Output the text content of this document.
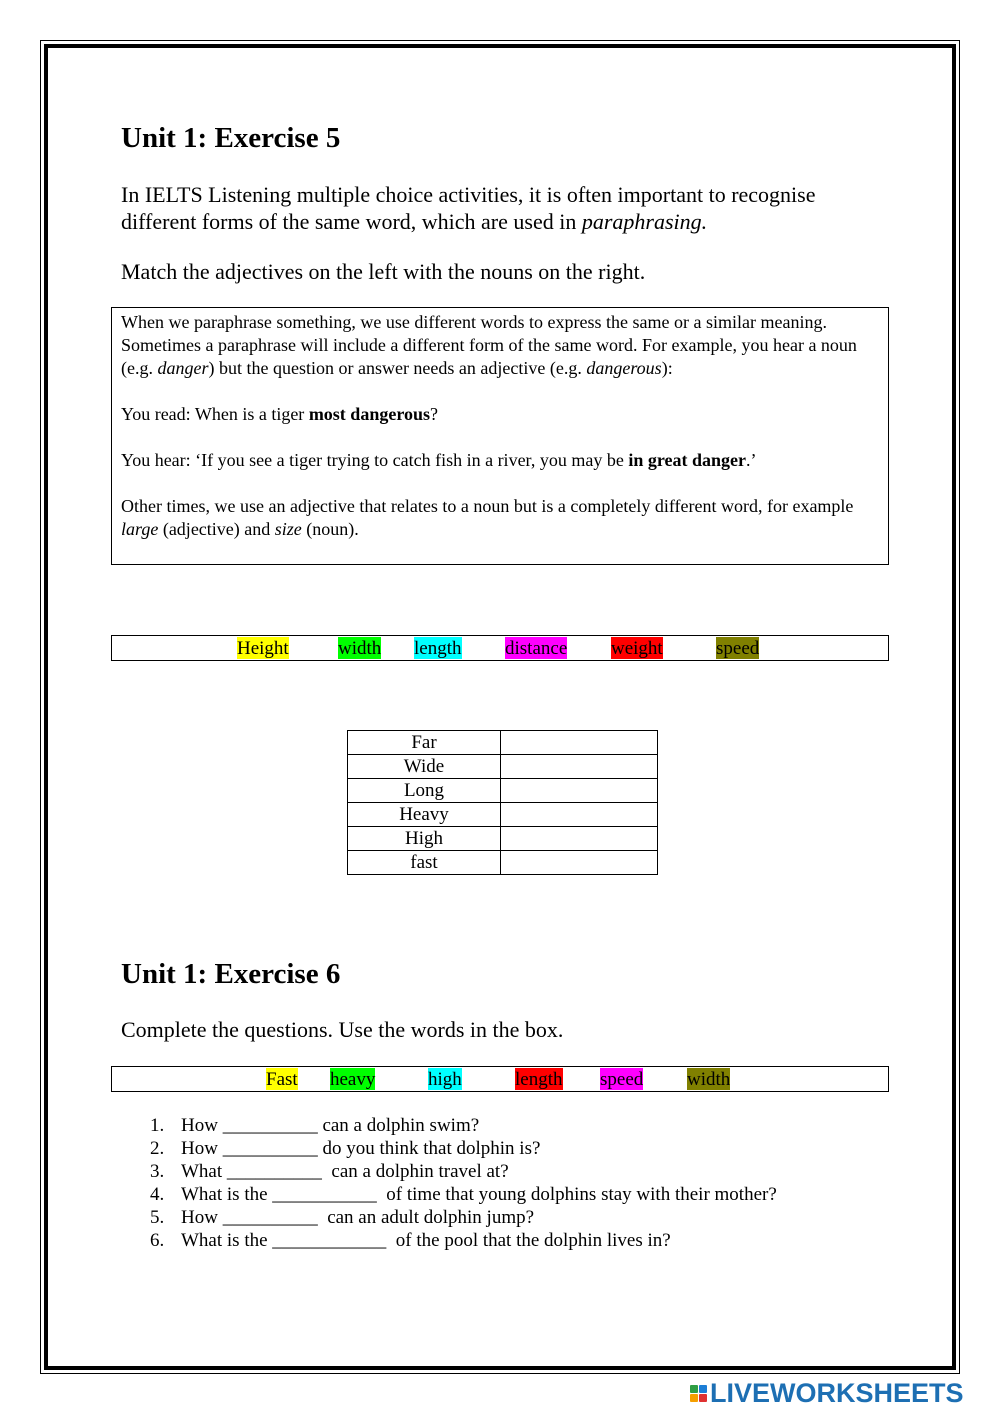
Unit 1: Exercise 5
In IELTS Listening multiple choice activities, it is often important to recognise
different forms of the same word, which are used in paraphrasing.
Match the adjectives on the left with the nouns on the right.

When we paraphrase something, we use different words to express the same or a similar meaning. Sometimes a paraphrase will include a different form of the same word. For example, you hear a noun (e.g. danger) but the question or answer needs an adjective (e.g. dangerous):

You read: When is a tiger most dangerous?

You hear: ‘If you see a tiger trying to catch fish in a river, you may be in great danger.’

Other times, we use an adjective that relates to a noun but is a completely different word, for example large (adjective) and size (noun).

Height	width length distance weight	speed
Far	
Wide	
Long	
Heavy	
High	
fast	
Unit 1: Exercise 6
Complete the questions. Use the words in the box.
Fast heavy	high	length speed width
1. How __________ can a dolphin swim?
2. How __________ do you think that dolphin is?
3. What __________  can a dolphin travel at?
4. What is the ___________  of time that young dolphins stay with their mother?
5. How __________  can an adult dolphin jump?
6. What is the ____________  of the pool that the dolphin lives in?
LIVEWORKSHEETS
